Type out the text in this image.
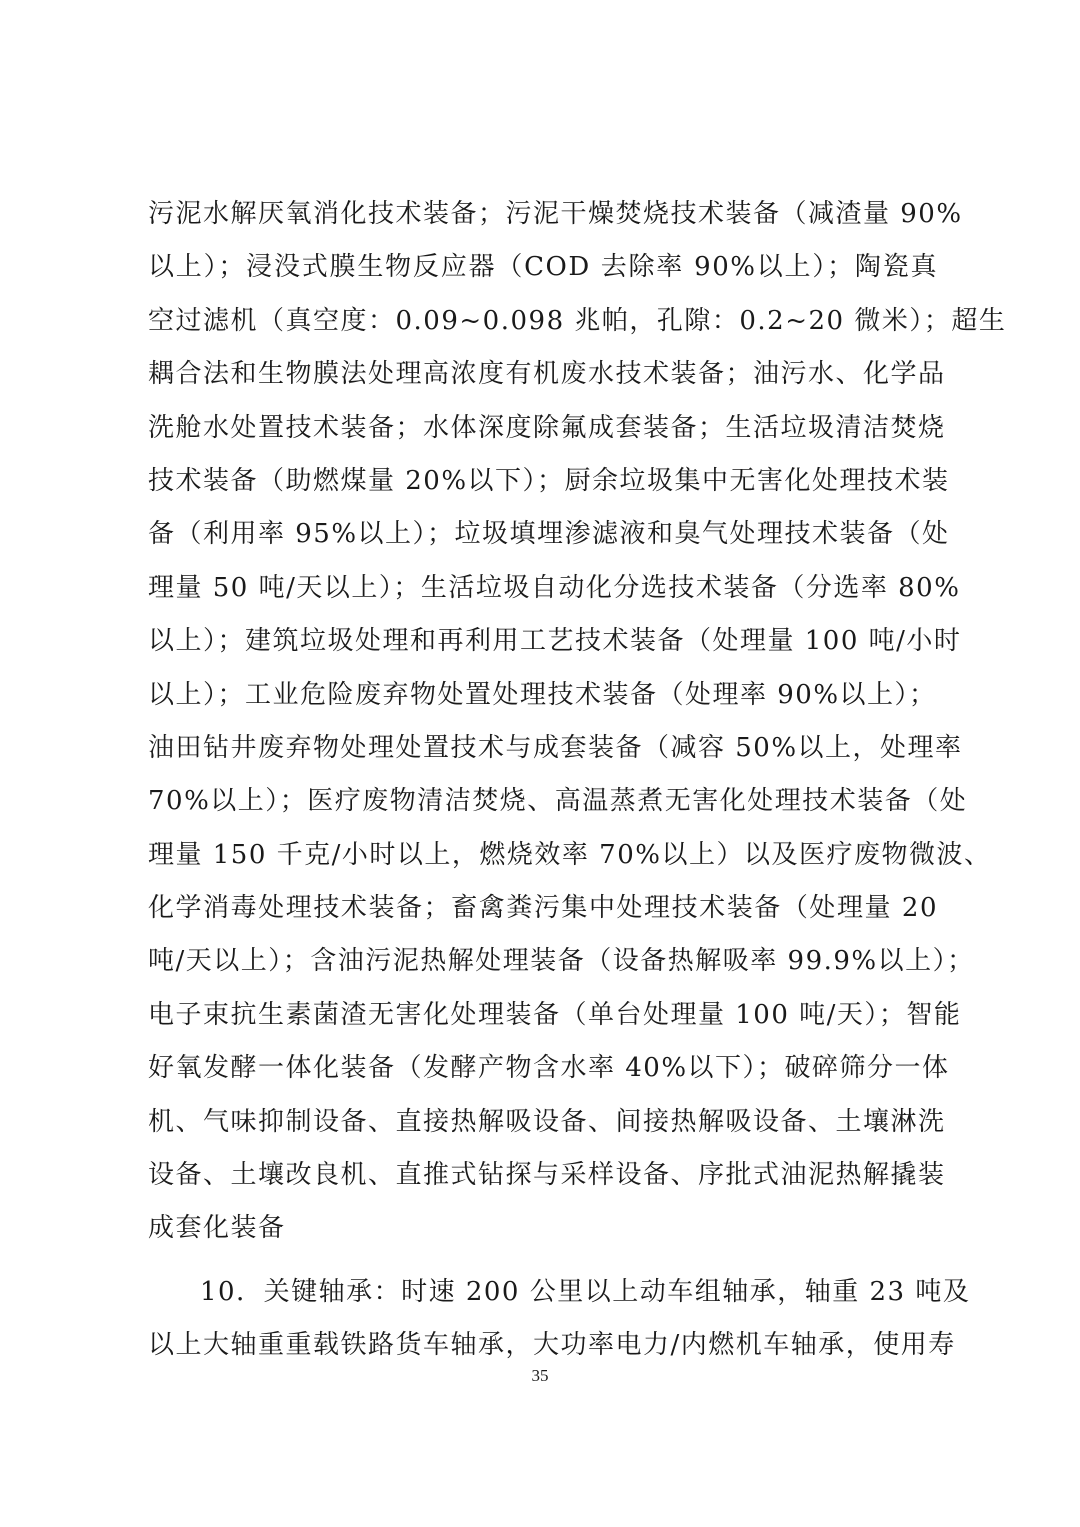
污泥水解厌氧消化技术装备；污泥干燥焚烧技术装备（减渣量 90%
以上）；浸没式膜生物反应器（COD 去除率 90%以上）；陶瓷真
空过滤机（真空度：0.09~0.098 兆帕，孔隙：0.2~20 微米）；超生
耦合法和生物膜法处理高浓度有机废水技术装备；油污水、化学品
洗舱水处置技术装备；水体深度除氟成套装备；生活垃圾清洁焚烧
技术装备（助燃煤量 20%以下）；厨余垃圾集中无害化处理技术装
备（利用率 95%以上）；垃圾填埋渗滤液和臭气处理技术装备（处
理量 50 吨/天以上）；生活垃圾自动化分选技术装备（分选率 80%
以上）；建筑垃圾处理和再利用工艺技术装备（处理量 100 吨/小时
以上）；工业危险废弃物处置处理技术装备（处理率 90%以上）；
油田钻井废弃物处理处置技术与成套装备（减容 50%以上，处理率
70%以上）；医疗废物清洁焚烧、高温蒸煮无害化处理技术装备（处
理量 150 千克/小时以上，燃烧效率 70%以上）以及医疗废物微波、
化学消毒处理技术装备；畜禽粪污集中处理技术装备（处理量 20
吨/天以上）；含油污泥热解处理装备（设备热解吸率 99.9%以上）；
电子束抗生素菌渣无害化处理装备（单台处理量 100 吨/天）；智能
好氧发酵一体化装备（发酵产物含水率 40%以下）；破碎筛分一体
机、气味抑制设备、直接热解吸设备、间接热解吸设备、土壤淋洗
设备、土壤改良机、直推式钻探与采样设备、序批式油泥热解撬装
成套化装备
10．关键轴承：时速 200 公里以上动车组轴承，轴重 23 吨及
以上大轴重重载铁路货车轴承，大功率电力/内燃机车轴承，使用寿
35
